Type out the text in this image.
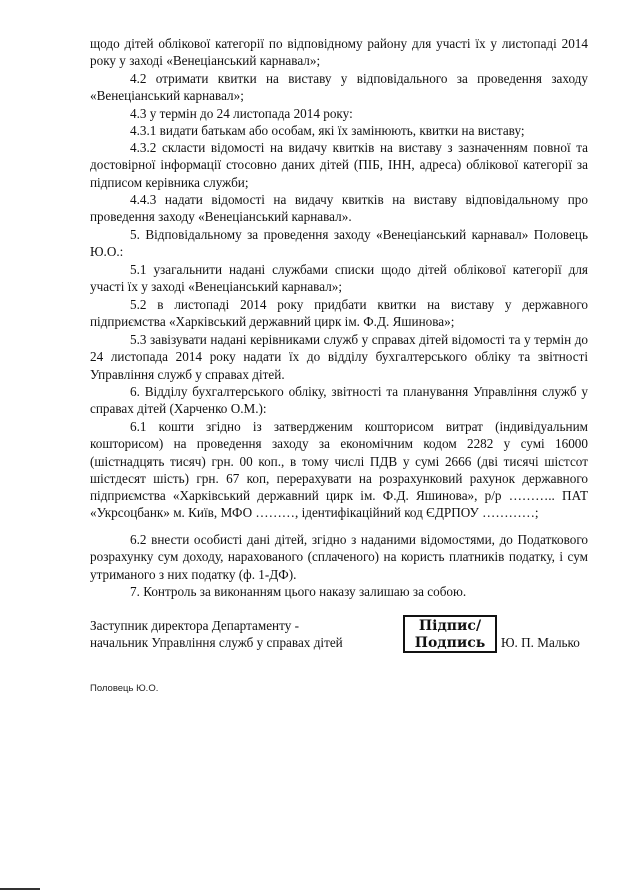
щодо дітей облікової категорії по відповідному району для участі їх у листопаді 2014 року у заході «Венеціанський карнавал»;

4.2 отримати квитки на виставу у відповідального за проведення заходу «Венеціанський карнавал»;

4.3 у термін до 24 листопада 2014 року:

4.3.1 видати батькам або особам, які їх замінюють, квитки на виставу;

4.3.2 скласти відомості на видачу квитків на виставу з зазначенням повної та достовірної інформації стосовно даних дітей (ПІБ, ІНН, адреса) облікової категорії за підписом керівника служби;

4.4.3 надати відомості на видачу квитків на виставу відповідальному про проведення заходу «Венеціанський карнавал».

5. Відповідальному за проведення заходу «Венеціанський карнавал» Половець Ю.О.:

5.1 узагальнити надані службами списки щодо дітей облікової категорії для участі їх у заході «Венеціанський карнавал»;

5.2 в листопаді 2014 року придбати квитки на виставу у державного підприємства «Харківський державний цирк ім. Ф.Д. Яшинова»;

5.3 завізувати надані керівниками служб у справах дітей відомості та у термін до 24 листопада 2014 року надати їх до відділу бухгалтерського обліку та звітності Управління служб у справах дітей.

6. Відділу бухгалтерського обліку, звітності та планування Управління служб у справах дітей (Харченко О.М.):

6.1 кошти згідно із затвердженим кошторисом витрат (індивідуальним кошторисом) на проведення заходу за економічним кодом 2282 у сумі 16000 (шістнадцять тисяч) грн. 00 коп., в тому числі ПДВ у сумі 2666 (дві тисячі шістсот шістдесят шість) грн. 67 коп, перерахувати на розрахунковий рахунок державного підприємства «Харківський державний цирк ім. Ф.Д. Яшинова», р/р ……….. ПАТ «Укрсоцбанк» м. Київ, МФО ………, ідентифікаційний код ЄДРПОУ …………;

6.2 внести особисті дані дітей, згідно з наданими відомостями, до Податкового розрахунку сум доходу, нарахованого (сплаченого) на користь платників податку, і сум утриманого з них податку (ф. 1-ДФ).

7. Контроль за виконанням цього наказу залишаю за собою.

Заступник директора Департаменту -
начальник Управління служб у справах дітей
Підпис/
Подпись	Ю. П. Малько
Половець Ю.О.
